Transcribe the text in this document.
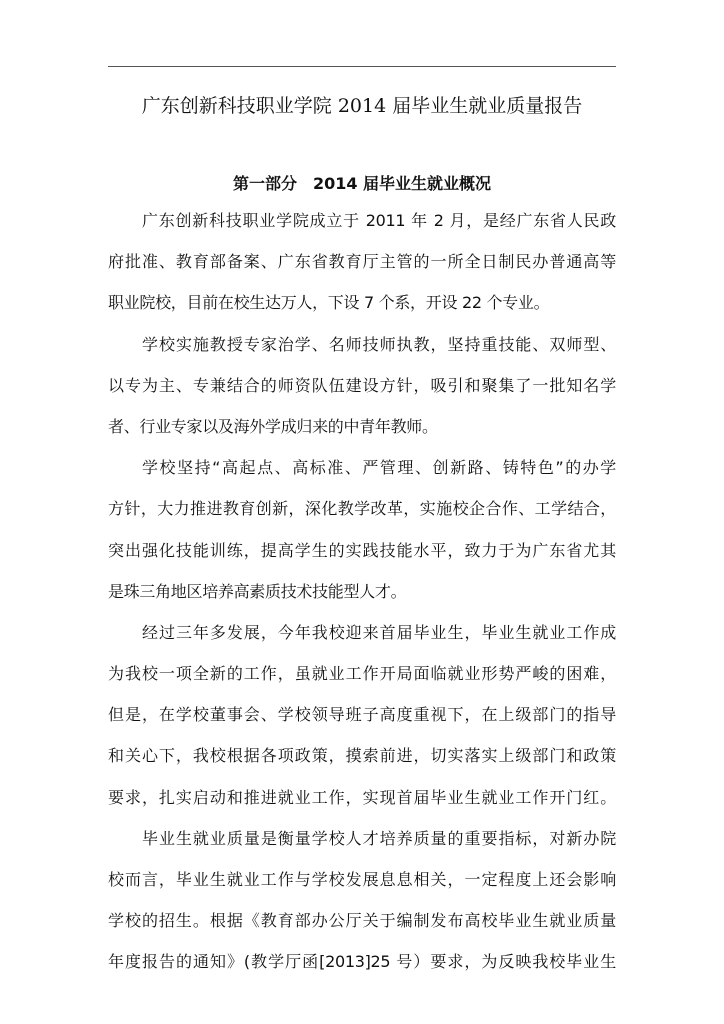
广东创新科技职业学院 2014 届毕业生就业质量报告
第一部分　2014 届毕业生就业概况
广东创新科技职业学院成立于 2011 年 2 月，是经广东省人民政
府批准、教育部备案、广东省教育厅主管的一所全日制民办普通高等
职业院校，目前在校生达万人，下设 7 个系，开设 22 个专业。
学校实施教授专家治学、名师技师执教，坚持重技能、双师型、
以专为主、专兼结合的师资队伍建设方针，吸引和聚集了一批知名学
者、行业专家以及海外学成归来的中青年教师。
学校坚持“高起点、高标准、严管理、创新路、铸特色”的办学
方针，大力推进教育创新，深化教学改革，实施校企合作、工学结合，
突出强化技能训练，提高学生的实践技能水平，致力于为广东省尤其
是珠三角地区培养高素质技术技能型人才。
经过三年多发展，今年我校迎来首届毕业生，毕业生就业工作成
为我校一项全新的工作，虽就业工作开局面临就业形势严峻的困难，
但是，在学校董事会、学校领导班子高度重视下，在上级部门的指导
和关心下，我校根据各项政策，摸索前进，切实落实上级部门和政策
要求，扎实启动和推进就业工作，实现首届毕业生就业工作开门红。
毕业生就业质量是衡量学校人才培养质量的重要指标，对新办院
校而言，毕业生就业工作与学校发展息息相关，一定程度上还会影响
学校的招生。根据《教育部办公厅关于编制发布高校毕业生就业质量
年度报告的通知》(教学厅函[2013]25 号）要求，为反映我校毕业生
